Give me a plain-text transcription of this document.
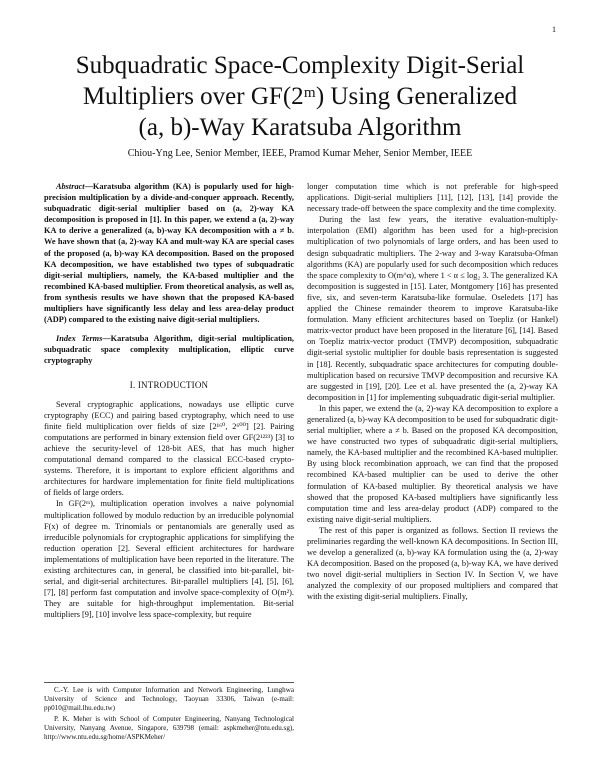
1
Subquadratic Space-Complexity Digit-Serial
Multipliers over GF(2ᵐ) Using Generalized
(a, b)-Way Karatsuba Algorithm
Chiou-Yng Lee, Senior Member, IEEE, Pramod Kumar Meher, Senior Member, IEEE

Abstract—Karatsuba algorithm (KA) is popularly used for high-precision multiplication by a divide-and-conquer approach. Recently, subquadratic digit-serial multiplier based on (a, 2)-way KA decomposition is proposed in [1]. In this paper, we extend a (a, 2)-way KA to derive a generalized (a, b)-way KA decomposition with a ≠ b. We have shown that (a, 2)-way KA and mult-way KA are special cases of the proposed (a, b)-way KA decomposition. Based on the proposed KA decomposition, we have established two types of subquadratic digit-serial multipliers, namely, the KA-based multiplier and the recombined KA-based multiplier. From theoretical analysis, as well as, from synthesis results we have shown that the proposed KA-based multipliers have significantly less delay and less area-delay product (ADP) compared to the existing naive digit-serial multipliers.

Index Terms—Karatsuba Algorithm, digit-serial multiplication, subquadratic space complexity multiplication, elliptic curve cryptography

I. INTRODUCTION

Several cryptographic applications, nowadays use elliptic curve cryptography (ECC) and pairing based cryptography, which need to use finite field multiplication over fields of size [2¹⁶⁰, 2⁶⁰⁰] [2]. Pairing computations are performed in binary extension field over GF(2¹²²³) [3] to achieve the security-level of 128-bit AES, that has much higher computational demand compared to the classical ECC-based crypto-systems. Therefore, it is important to explore efficient algorithms and architectures for hardware implementation for finite field multiplications of fields of large orders.

In GF(2ᵐ), multiplication operation involves a naive polynomial multiplication followed by modulo reduction by an irreducible polynomial F(x) of degree m. Trinomials or pentanomials are generally used as irreducible polynomials for cryptographic applications for simplifying the reduction operation [2]. Several efficient architectures for hardware implementations of multiplication have been reported in the literature. The existing architectures can, in general, be classified into bit-parallel, bit-serial, and digit-serial architectures. Bit-parallel multipliers [4], [5], [6], [7], [8] perform fast computation and involve space-complexity of O(m²). They are suitable for high-throughput implementation. Bit-serial multipliers [9], [10] involve less space-complexity, but require

longer computation time which is not preferable for high-speed applications. Digit-serial multipliers [11], [12], [13], [14] provide the necessary trade-off between the space complexity and the time complexity.

During the last few years, the iterative evaluation-multiply-interpolation (EMI) algorithm has been used for a high-precision multiplication of two polynomials of large orders, and has been used to design subquadratic multipliers. The 2-way and 3-way Karatsuba-Ofman algorithms (KA) are popularly used for such decomposition which reduces the space complexity to O(m^α), where 1 < α ≤ log₂ 3. The generalized KA decomposition is suggested in [15]. Later, Montgomery [16] has presented five, six, and seven-term Karatsuba-like formulae. Oseledets [17] has applied the Chinese remainder theorem to improve Karatsuba-like formulation. Many efficient architectures based on Toepliz (or Hankel) matrix-vector product have been proposed in the literature [6], [14]. Based on Toepliz matrix-vector product (TMVP) decomposition, subquadratic digit-serial systolic multiplier for double basis representation is suggested in [18]. Recently, subquadratic space architectures for computing double-multiplication based on recursive TMVP decomposition and recursive KA are suggested in [19], [20]. Lee et al. have presented the (a, 2)-way KA decomposition in [1] for implementing subquadratic digit-serial multiplier.

In this paper, we extend the (a, 2)-way KA decomposition to explore a generalized (a, b)-way KA decomposition to be used for subquadratic digit-serial multiplier, where a ≠ b. Based on the proposed KA decomposition, we have constructed two types of subquadratic digit-serial multipliers, namely, the KA-based multiplier and the recombined KA-based multiplier. By using block recombination approach, we can find that the proposed recombined KA-based multiplier can be used to derive the other formulation of KA-based multiplier. By theoretical analysis we have showed that the proposed KA-based multipliers have significantly less computation time and less area-delay product (ADP) compared to the existing naive digit-serial multipliers.

The rest of this paper is organized as follows. Section II reviews the preliminaries regarding the well-known KA decompositions. In Section III, we develop a generalized (a, b)-way KA formulation using the (a, 2)-way KA decomposition. Based on the proposed (a, b)-way KA, we have derived two novel digit-serial multipliers in Section IV. In Section V, we have analyzed the complexity of our proposed multipliers and compared that with the existing digit-serial multipliers. Finally,

C.-Y. Lee is with Computer Information and Network Engineering, Lunghwa University of Science and Technology, Taoyuan 33306, Taiwan (e-mail: pp010@mail.lhu.edu.tw)

P. K. Meher is with School of Computer Engineering, Nanyang Technological University, Nanyang Avenue, Singapore, 639798 (email: aspkmeher@ntu.edu.sg), http://www.ntu.edu.sg/home/ASPKMeher/
